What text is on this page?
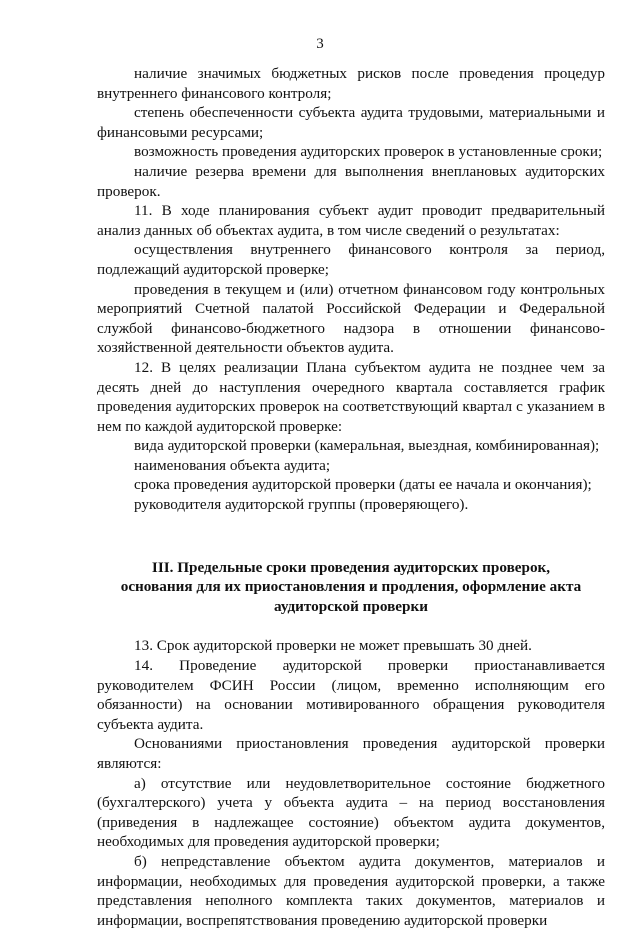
3

наличие значимых бюджетных рисков после проведения процедур внутреннего финансового контроля;

степень обеспеченности субъекта аудита трудовыми, материальными и финансовыми ресурсами;

возможность проведения аудиторских проверок в установленные сроки;

наличие резерва времени для выполнения внеплановых аудиторских проверок.

11. В ходе планирования субъект аудит проводит предварительный анализ данных об объектах аудита, в том числе сведений о результатах:

осуществления внутреннего финансового контроля за период, подлежащий аудиторской проверке;

проведения в текущем и (или) отчетном финансовом году контрольных мероприятий Счетной палатой Российской Федерации и Федеральной службой финансово-бюджетного надзора в отношении финансово-хозяйственной деятельности объектов аудита.

12. В целях реализации Плана субъектом аудита не позднее чем за десять дней до наступления очередного квартала составляется график проведения аудиторских проверок на соответствующий квартал с указанием в нем по каждой аудиторской проверке:

вида аудиторской проверки (камеральная, выездная, комбинированная);

наименования объекта аудита;

срока проведения аудиторской проверки (даты ее начала и окончания);

руководителя аудиторской группы (проверяющего).

III. Предельные сроки проведения аудиторских проверок,
основания для их приостановления и продления, оформление акта
аудиторской проверки

13. Срок аудиторской проверки не может превышать 30 дней.

14. Проведение аудиторской проверки приостанавливается руководителем ФСИН России (лицом, временно исполняющим его обязанности) на основании мотивированного обращения руководителя субъекта аудита.

Основаниями приостановления проведения аудиторской проверки являются:

а) отсутствие или неудовлетворительное состояние бюджетного (бухгалтерского) учета у объекта аудита – на период восстановления (приведения в надлежащее состояние) объектом аудита документов, необходимых для проведения аудиторской проверки;

б) непредставление объектом аудита документов, материалов и информации, необходимых для проведения аудиторской проверки, а также представления неполного комплекта таких документов, материалов и информации, воспрепятствования проведению аудиторской проверки
